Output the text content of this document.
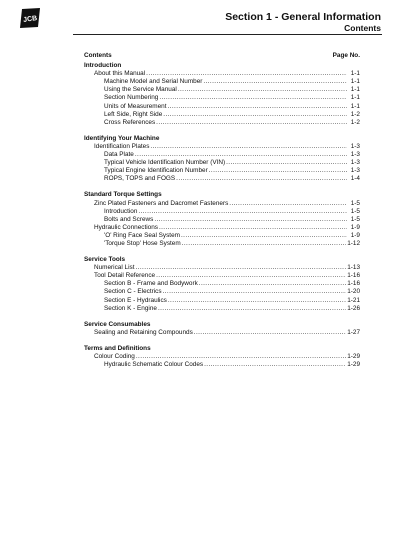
JCB	Section 1 - General Information
Contents
Contents	Page No.
Introduction
About this Manual .....	1-1
Machine Model and Serial Number .....	1-1
Using the Service Manual .....	1-1
Section Numbering .....	1-1
Units of Measurement .....	1-1
Left Side, Right Side .....	1-2
Cross References .....	1-2
Identifying Your Machine
Identification Plates .....	1-3
Data Plate .....	1-3
Typical Vehicle Identification Number (VIN) .....	1-3
Typical Engine Identification Number .....	1-3
ROPS, TOPS and FOGS .....	1-4
Standard Torque Settings
Zinc Plated Fasteners and Dacromet Fasteners .....	1-5
Introduction .....	1-5
Bolts and Screws .....	1-5
Hydraulic Connections .....	1-9
'O' Ring Face Seal System .....	1-9
'Torque Stop' Hose System .....	1-12
Service Tools
Numerical List .....	1-13
Tool Detail Reference .....	1-16
Section B - Frame and Bodywork .....	1-16
Section C - Electrics .....	1-20
Section E - Hydraulics .....	1-21
Section K - Engine .....	1-26
Service Consumables
Sealing and Retaining Compounds .....	1-27
Terms and Definitions
Colour Coding .....	1-29
Hydraulic Schematic Colour Codes .....	1-29
